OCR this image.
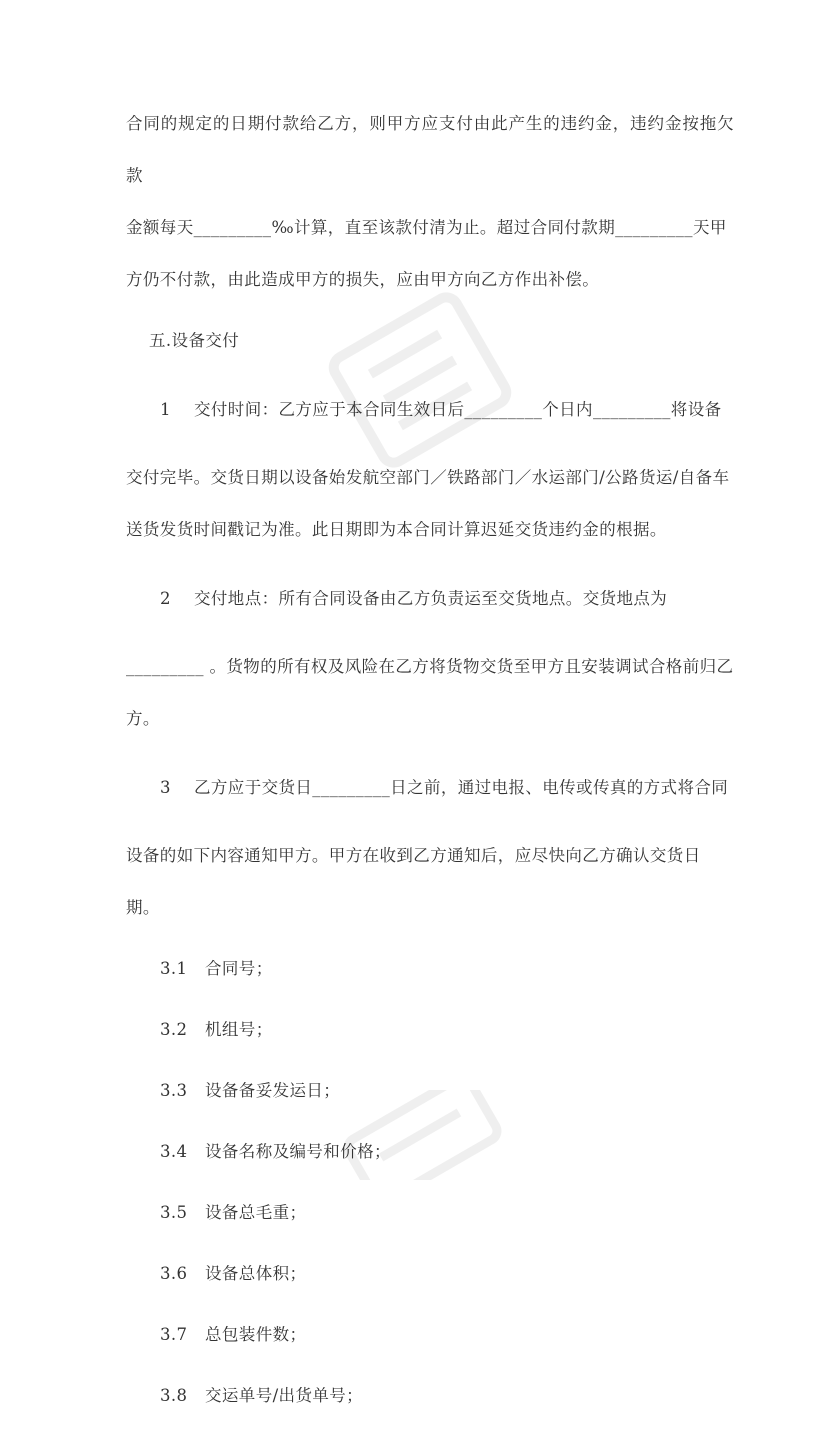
合同的规定的日期付款给乙方，则甲方应支付由此产生的违约金，违约金按拖欠款

金额每天_________‰计算，直至该款付清为止。超过合同付款期_________天甲

方仍不付款，由此造成甲方的损失，应由甲方向乙方作出补偿。

五.设备交付

1 交付时间：乙方应于本合同生效日后_________个日内_________将设备

交付完毕。交货日期以设备始发航空部门／铁路部门／水运部门/公路货运/自备车

送货发货时间戳记为准。此日期即为本合同计算迟延交货违约金的根据。

2 交付地点：所有合同设备由乙方负责运至交货地点。交货地点为

_________ 。货物的所有权及风险在乙方将货物交货至甲方且安装调试合格前归乙

方。

3 乙方应于交货日_________日之前，通过电报、电传或传真的方式将合同

设备的如下内容通知甲方。甲方在收到乙方通知后，应尽快向乙方确认交货日期。

3.1	合同号；
3.2	机组号；
3.3	设备备妥发运日；
3.4	设备名称及编号和价格；
3.5	设备总毛重；
3.6	设备总体积；
3.7	总包装件数；
3.8	交运单号/出货单号；
